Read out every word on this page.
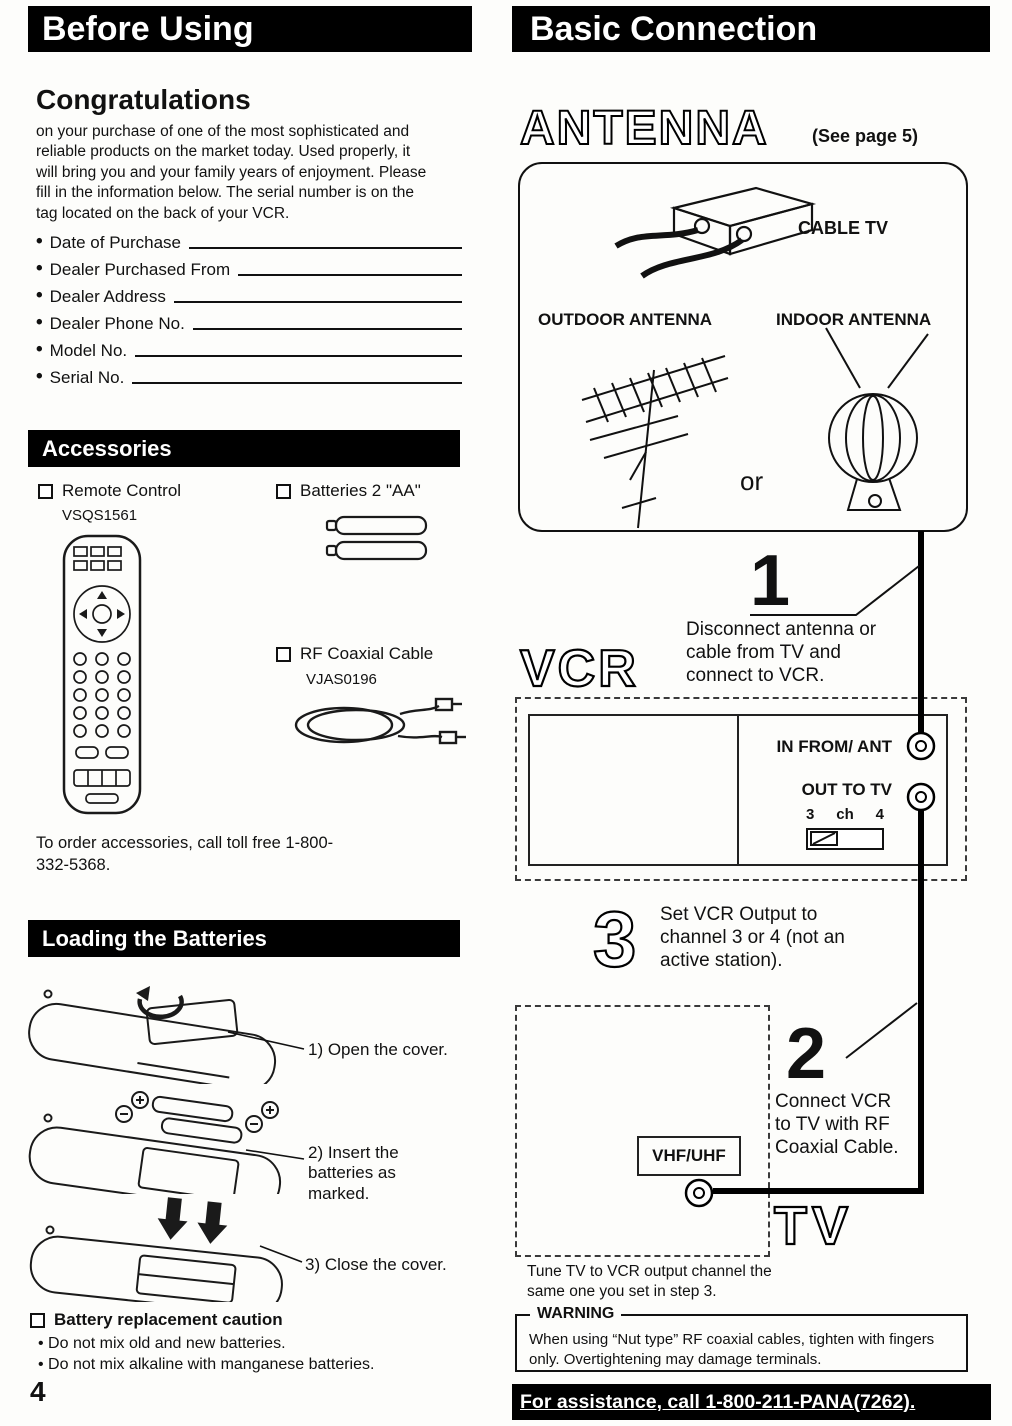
Before Using	Basic Connection
Congratulations
on your purchase of one of the most sophisticated and reliable products on the market today. Used properly, it will bring you and your family years of enjoyment. Please fill in the information below. The serial number is on the tag located on the back of your VCR.
• Date of Purchase
• Dealer Purchased From
• Dealer Address
• Dealer Phone No.
• Model No.
• Serial No.
Accessories
Remote Control
VSQS1561
Batteries 2 "AA"
RF Coaxial Cable
VJAS0196
To order accessories, call toll free 1-800-332-5368.
Loading the Batteries
1) Open the cover.
2) Insert the batteries as marked.
3) Close the cover.
Battery replacement caution
• Do not mix old and new batteries.
• Do not mix alkaline with manganese batteries.
4
ANTENNA (See page 5)
CABLE TV
OUTDOOR ANTENNA	INDOOR ANTENNA
or
1
Disconnect antenna or cable from TV and connect to VCR.
VCR
IN FROM/ ANT
OUT TO TV
3 ch 4
3 Set VCR Output to channel 3 or 4 (not an active station).
2
Connect VCR to TV with RF Coaxial Cable.
VHF/UHF
TV
Tune TV to VCR output channel the same one you set in step 3.
When using “Nut type” RF coaxial cables, tighten with fingers only. Overtightening may damage terminals.
WARNING
For assistance, call 1-800-211-PANA(7262).
